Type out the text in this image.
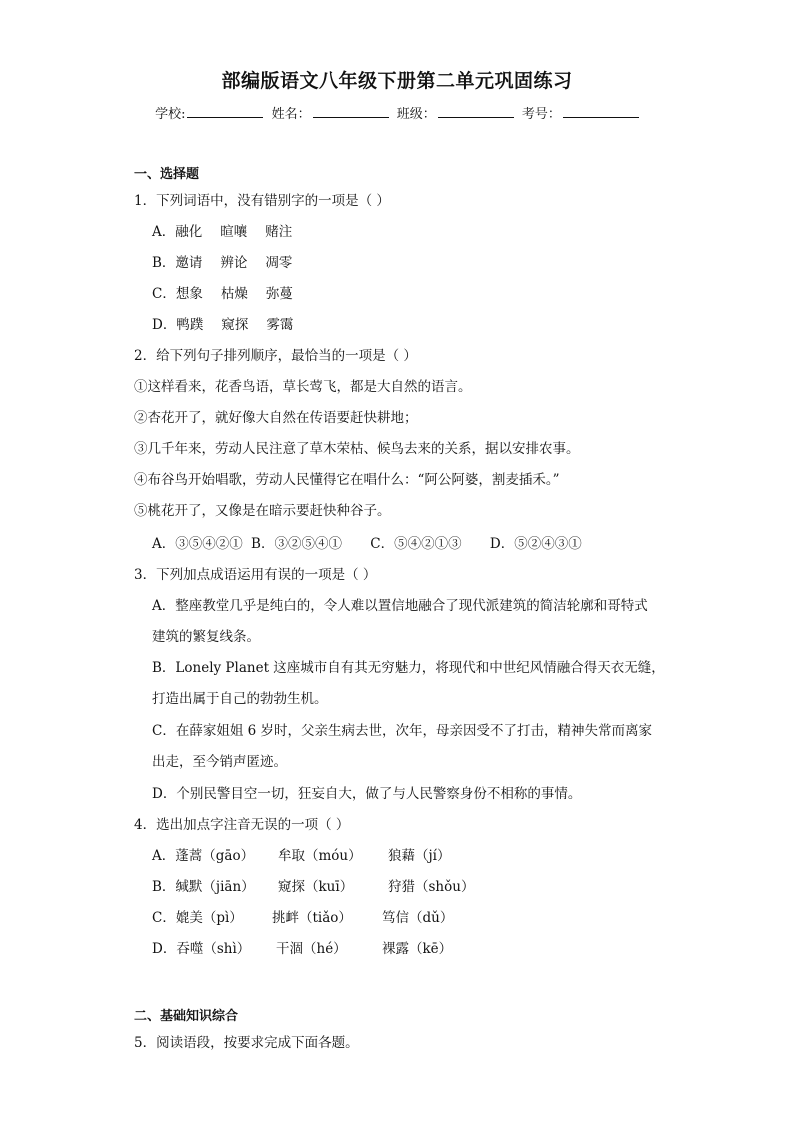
部编版语文八年级下册第二单元巩固练习
学校:	姓名：	班级：	考号：
一、选择题
1．下列词语中，没有错别字的一项是（ ）
A．融化 暄嚷 赌注
B．邀请 辨论 凋零
C．想象 枯燥 弥蔓
D．鸭蹼 窥探 雾霭
2．给下列句子排列顺序，最恰当的一项是（ ）
①这样看来，花香鸟语，草长莺飞，都是大自然的语言。
②杏花开了，就好像大自然在传语要赶快耕地；
③几千年来，劳动人民注意了草木荣枯、候鸟去来的关系，据以安排农事。
④布谷鸟开始唱歌，劳动人民懂得它在唱什么：“阿公阿婆，割麦插禾。”
⑤桃花开了，又像是在暗示要赶快种谷子。
A．③⑤④②① B．③②⑤④① C．⑤④②①③ D．⑤②④③①
3．下列加点成语运用有误的一项是（ ）
A．整座教堂几乎是纯白的，令人难以置信地融合了现代派建筑的简洁轮廓和哥特式
建筑的繁复线条。
B．Lonely Planet 这座城市自有其无穷魅力，将现代和中世纪风情融合得天衣无缝，
打造出属于自己的勃勃生机。
C．在薛家姐姐 6 岁时，父亲生病去世，次年，母亲因受不了打击，精神失常而离家
出走，至今销声匿迹。
D．个别民警目空一切，狂妄自大，做了与人民警察身份不相称的事情。
4．选出加点字注音无误的一项（ ）
A．蓬蒿（gāo） 牟取（móu） 狼藉（jí）
B．缄默（jiān） 窥探（kuī）	狩猎（shǒu）
C．媲美（pì） 挑衅（tiǎo） 笃信（dǔ）
D．吞噬（shì） 干涸（hé）	裸露（kē）
二、基础知识综合
5．阅读语段，按要求完成下面各题。
